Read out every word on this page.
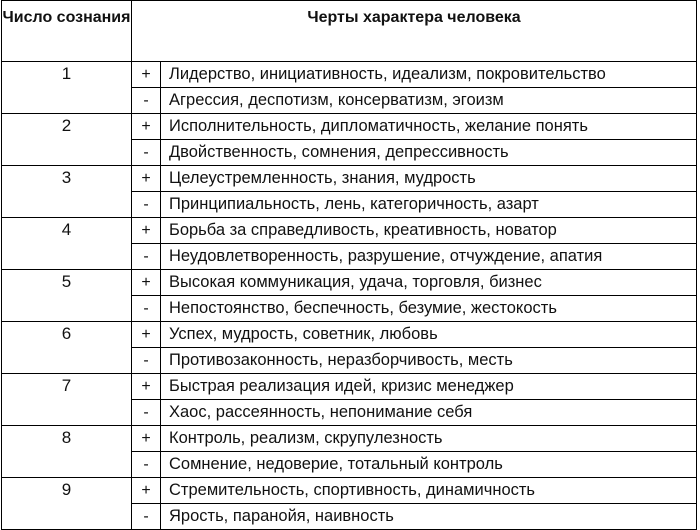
Число сознания	Черты характера человека	
1	+	Лидерство, инициативность, идеализм, покровительство
	-	Агрессия, деспотизм, консерватизм, эгоизм
2	+	Исполнительность, дипломатичность, желание понять
	-	Двойственность, сомнения, депрессивность
3	+	Целеустремленность, знания, мудрость
	-	Принципиальность, лень, категоричность, азарт
4	+	Борьба за справедливость, креативность, новатор
	-	Неудовлетворенность, разрушение, отчуждение, апатия
5	+	Высокая коммуникация, удача, торговля, бизнес
	-	Непостоянство, беспечность, безумие, жестокость
6	+	Успех, мудрость, советник, любовь
	-	Противозаконность, неразборчивость, месть
7	+	Быстрая реализация идей, кризис менеджер
	-	Хаос, рассеянность, непонимание себя
8	+	Контроль, реализм, скрупулезность
	-	Сомнение, недоверие, тотальный контроль
9	+	Стремительность, спортивность, динамичность
	-	Ярость, паранойя, наивность
